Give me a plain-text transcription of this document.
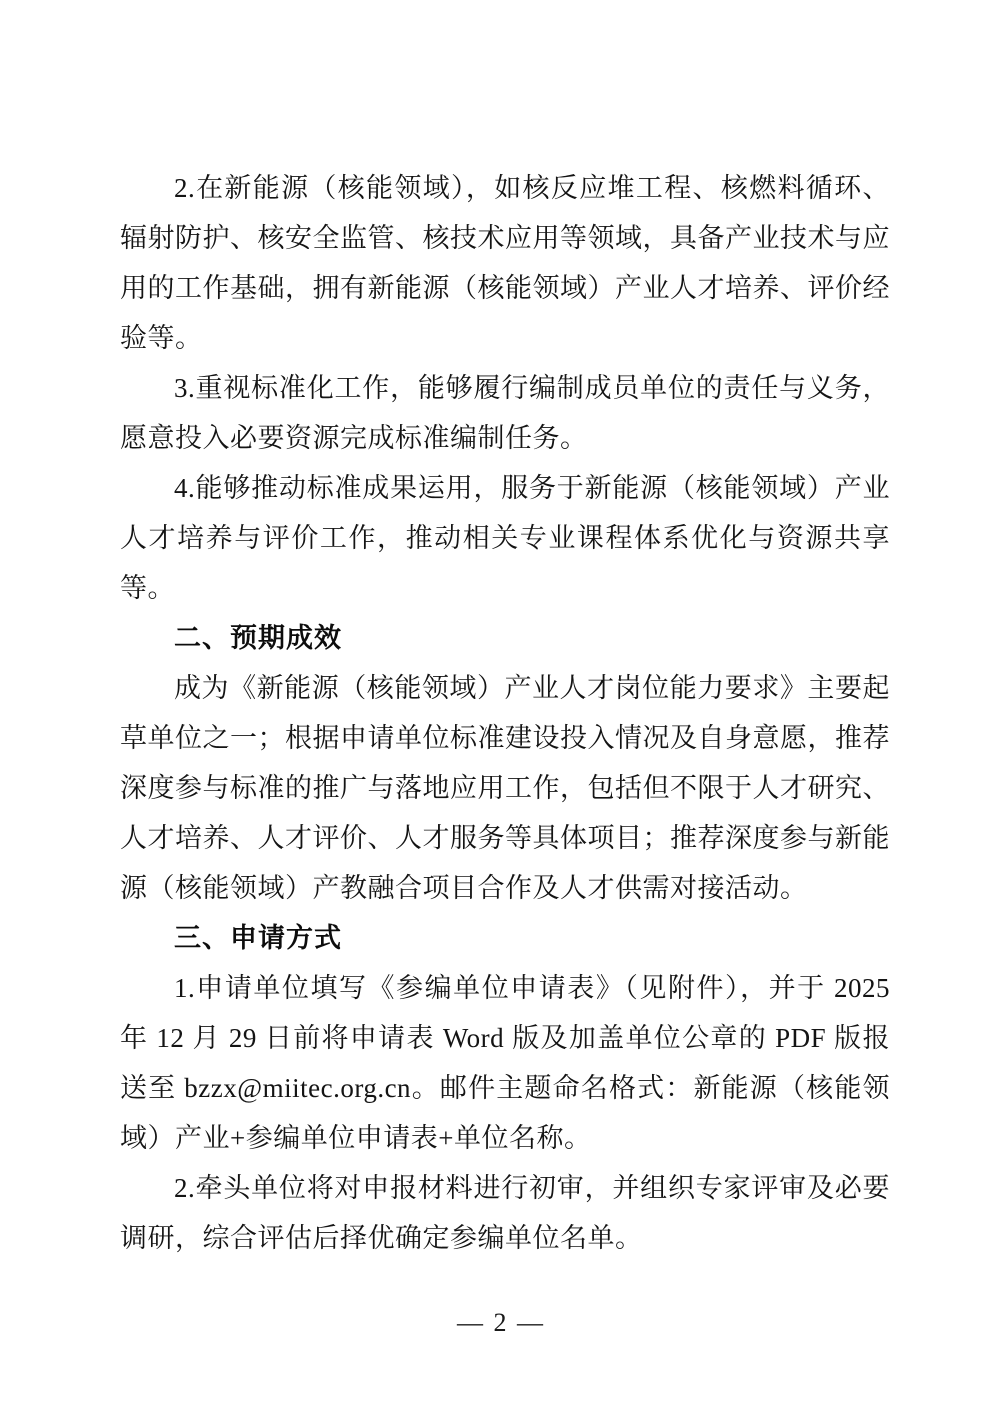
2.在新能源（核能领域），如核反应堆工程、核燃料循环、辐射防护、核安全监管、核技术应用等领域，具备产业技术与应用的工作基础，拥有新能源（核能领域）产业人才培养、评价经验等。

3.重视标准化工作，能够履行编制成员单位的责任与义务，愿意投入必要资源完成标准编制任务。

4.能够推动标准成果运用，服务于新能源（核能领域）产业人才培养与评价工作，推动相关专业课程体系优化与资源共享等。

二、预期成效

成为《新能源（核能领域）产业人才岗位能力要求》主要起草单位之一；根据申请单位标准建设投入情况及自身意愿，推荐深度参与标准的推广与落地应用工作，包括但不限于人才研究、人才培养、人才评价、人才服务等具体项目；推荐深度参与新能源（核能领域）产教融合项目合作及人才供需对接活动。

三、申请方式

1.申请单位填写《参编单位申请表》（见附件），并于 2025 年 12 月 29 日前将申请表 Word 版及加盖单位公章的 PDF 版报送至 bzzx@miitec.org.cn。邮件主题命名格式：新能源（核能领域）产业+参编单位申请表+单位名称。

2.牵头单位将对申报材料进行初审，并组织专家评审及必要调研，综合评估后择优确定参编单位名单。

— 2 —
